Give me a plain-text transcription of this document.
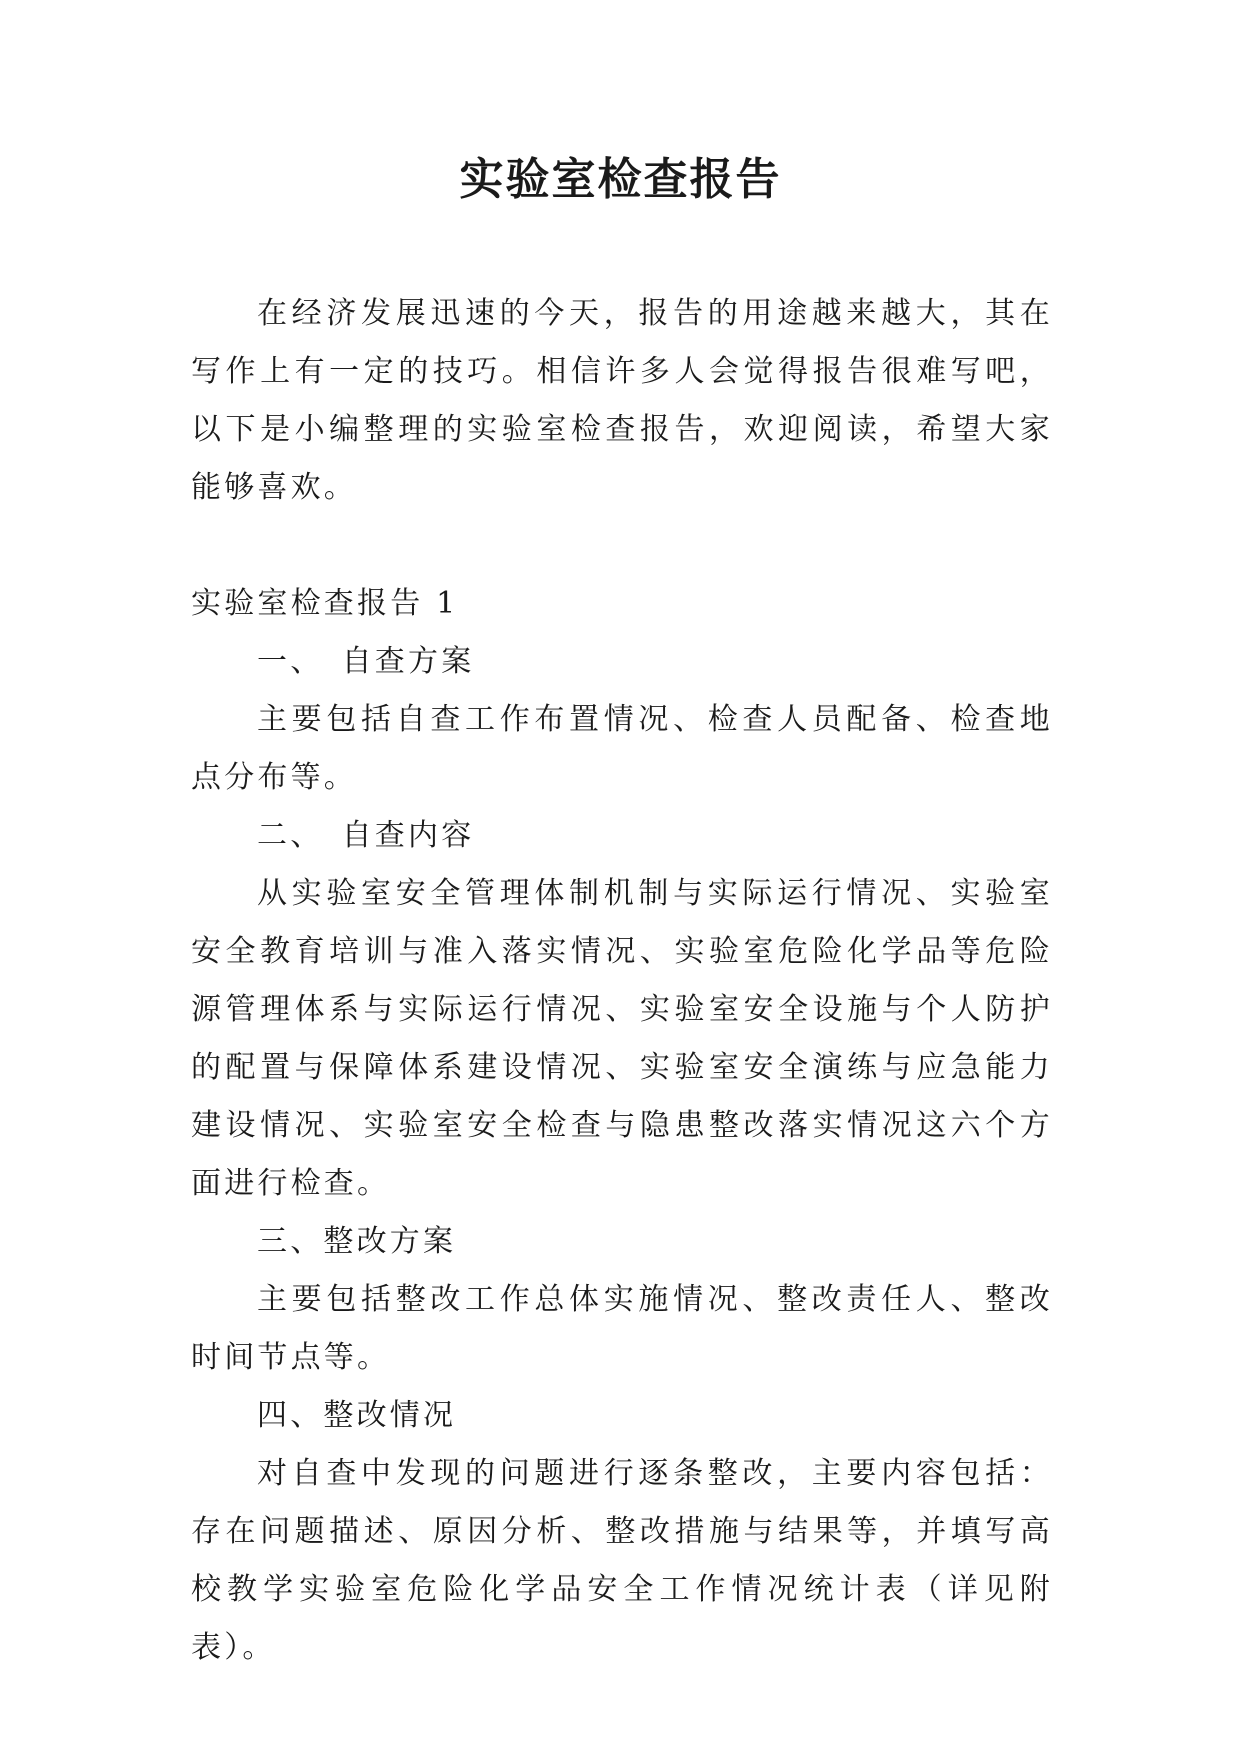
实验室检查报告

在经济发展迅速的今天，报告的用途越来越大，其在写作上有一定的技巧。相信许多人会觉得报告很难写吧，以下是小编整理的实验室检查报告，欢迎阅读，希望大家能够喜欢。

实验室检查报告 1

一、　自查方案

主要包括自查工作布置情况、检查人员配备、检查地点分布等。

二、　自查内容

从实验室安全管理体制机制与实际运行情况、实验室安全教育培训与准入落实情况、实验室危险化学品等危险源管理体系与实际运行情况、实验室安全设施与个人防护的配置与保障体系建设情况、实验室安全演练与应急能力建设情况、实验室安全检查与隐患整改落实情况这六个方面进行检查。

三、整改方案

主要包括整改工作总体实施情况、整改责任人、整改时间节点等。

四、整改情况

对自查中发现的问题进行逐条整改，主要内容包括：存在问题描述、原因分析、整改措施与结果等，并填写高校教学实验室危险化学品安全工作情况统计表（详见附表）。
